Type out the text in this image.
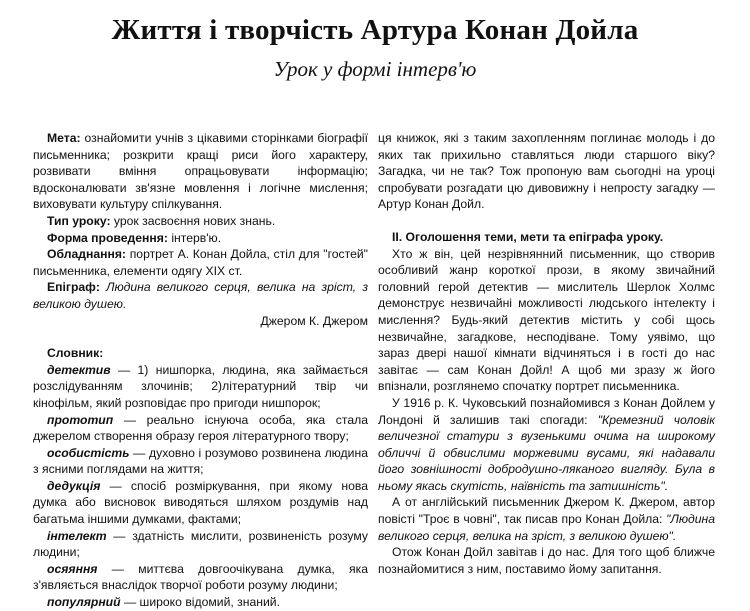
Життя і творчість Артура Конан Дойла
Урок у формі інтерв'ю

Мета: ознайомити учнів з цікавими сторінками біографії письменника; розкрити кращі риси його характеру, розвивати вміння опрацьовувати інформацію; вдосконалювати зв'язне мовлення і логічне мислення; виховувати культуру спілкування.

Тип уроку: урок засвоєння нових знань.

Форма проведення: інтерв'ю.

Обладнання: портрет А. Конан Дойла, стіл для "гостей" письменника, елементи одягу XIX ст.

Епіграф: Людина великого серця, велика на зріст, з великою душею.

Джером К. Джером

Словник:

детектив — 1) нишпорка, людина, яка займається розслідуванням злочинів; 2)літературний твір чи кінофільм, який розповідає про пригоди нишпорок;

прототип — реально існуюча особа, яка стала джерелом створення образу героя літературного твору;

особистість — духовно і розумово розвинена людина з ясними поглядами на життя;

дедукція — спосіб розміркування, при якому нова думка або висновок виводяться шляхом роздумів над багатьма іншими думками, фактами;

інтелект — здатність мислити, розвиненість розуму людини;

осяяння — миттєва довгоочікувана думка, яка з'являється внаслідок творчої роботи розуму людини;

популярний — широко відомий, знаний.

ця книжок, які з таким захопленням поглинає молодь і до яких так прихильно ставляться люди старшого віку? Загадка, чи не так? Тож пропоную вам сьогодні на уроці спробувати розгадати цю дивовижну і непросту загадку — Артур Конан Дойл.

ІІ. Оголошення теми, мети та епіграфа уроку.

Хто ж він, цей незрівнянний письменник, що створив особливий жанр короткої прози, в якому звичайний головний герой детектив — мислитель Шерлок Холмс демонструє незвичайні можливості людського інтелекту і мислення? Будь-який детектив містить у собі щось незвичайне, загадкове, несподіване. Тому уявімо, що зараз двері нашої кімнати відчиняться і в гості до нас завітає — сам Конан Дойл! А щоб ми зразу ж його впізнали, розглянемо спочатку портрет письменника.

У 1916 р. К. Чуковський познайомився з Конан Дойлем у Лондоні й залишив такі спогади: "Кремезний чоловік величезної статури з вузенькими очима на широкому обличчі й обвислими моржевими вусами, які надавали його зовнішності добродушно-ляканого вигляду. Була в ньому якась скутість, наївність та затишність".

А от англійський письменник Джером К. Джером, автор повісті "Троє в човні", так писав про Конан Дойла: "Людина великого серця, велика на зріст, з великою душею".

Отож Конан Дойл завітав і до нас. Для того щоб ближче познайомитися з ним, поставимо йому запитання.
